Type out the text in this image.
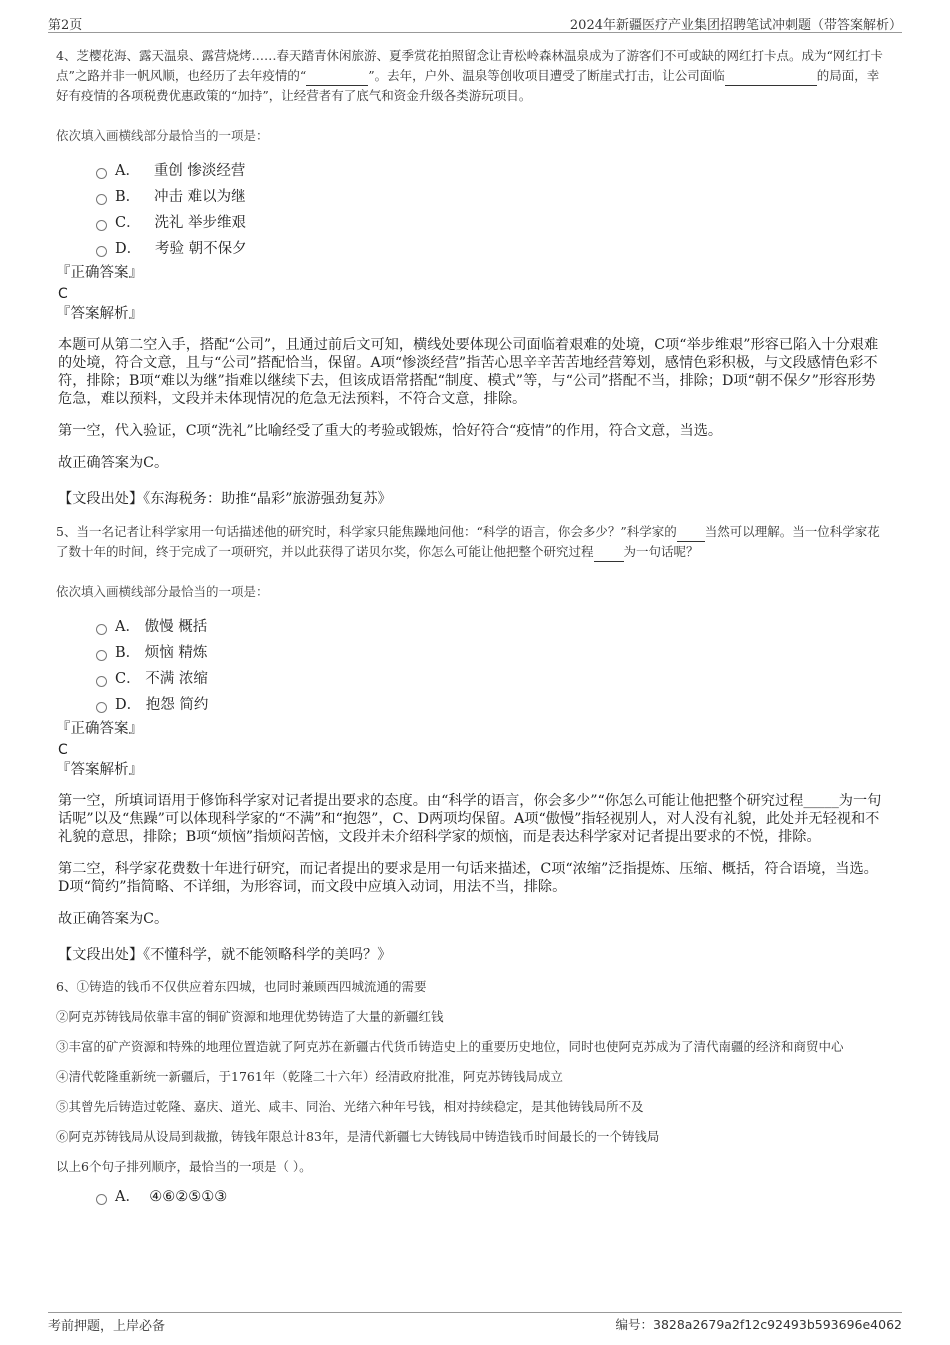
第2页	2024年新疆医疗产业集团招聘笔试冲刺题（带答案解析）
4、芝樱花海、露天温泉、露营烧烤……春天踏青休闲旅游、夏季赏花拍照留念让青松岭森林温泉成为了游客们不可或缺的网红打卡点。成为“网红打卡点”之路并非一帆风顺，也经历了去年疫情的“	”。去年，户外、温泉等创收项目遭受了断崖式打击，让公司面临	的局面，幸好有疫情的各项税费优惠政策的“加持”，让经营者有了底气和资金升级各类游玩项目。
依次填入画横线部分最恰当的一项是：
A．
重创 惨淡经营
B．
冲击 难以为继
C．
洗礼 举步维艰
D．
考验 朝不保夕
『正确答案』
C
『答案解析』
本题可从第二空入手，搭配“公司”，且通过前后文可知，横线处要体现公司面临着艰难的处境，C项“举步维艰”形容已陷入十分艰难的处境，符合文意，且与“公司”搭配恰当，保留。A项“惨淡经营”指苦心思辛辛苦苦地经营筹划，感情色彩积极，与文段感情色彩不符，排除；B项“难以为继”指难以继续下去，但该成语常搭配“制度、模式”等，与“公司”搭配不当，排除；D项“朝不保夕”形容形势危急，难以预料，文段并未体现情况的危急无法预料，不符合文意，排除。
第一空，代入验证，C项“洗礼”比喻经受了重大的考验或锻炼，恰好符合“疫情”的作用，符合文意，当选。
故正确答案为C。
【文段出处】《东海税务：助推“晶彩”旅游强劲复苏》
5、当一名记者让科学家用一句话描述他的研究时，科学家只能焦躁地问他：“科学的语言，你会多少？”科学家的 当然可以理解。当一位科学家花了数十年的时间，终于完成了一项研究，并以此获得了诺贝尔奖，你怎么可能让他把整个研究过程 为一句话呢？
依次填入画横线部分最恰当的一项是：
A．
傲慢 概括
B．
烦恼 精炼
C．
不满 浓缩
D．
抱怨 简约
『正确答案』
C
『答案解析』
第一空，所填词语用于修饰科学家对记者提出要求的态度。由“科学的语言，你会多少”“你怎么可能让他把整个研究过程_____为一句话呢”以及“焦躁”可以体现科学家的“不满”和“抱怨”，C、D两项均保留。A项“傲慢”指轻视别人，对人没有礼貌，此处并无轻视和不礼貌的意思，排除；B项“烦恼”指烦闷苦恼，文段并未介绍科学家的烦恼，而是表达科学家对记者提出要求的不悦，排除。
第二空，科学家花费数十年进行研究，而记者提出的要求是用一句话来描述，C项“浓缩”泛指提炼、压缩、概括，符合语境，当选。D项“简约”指简略、不详细，为形容词，而文段中应填入动词，用法不当，排除。
故正确答案为C。
【文段出处】《不懂科学，就不能领略科学的美吗？》
6、①铸造的钱币不仅供应着东四城，也同时兼顾西四城流通的需要
②阿克苏铸钱局依靠丰富的铜矿资源和地理优势铸造了大量的新疆红钱
③丰富的矿产资源和特殊的地理位置造就了阿克苏在新疆古代货币铸造史上的重要历史地位，同时也使阿克苏成为了清代南疆的经济和商贸中心
④清代乾隆重新统一新疆后，于1761年（乾隆二十六年）经清政府批准，阿克苏铸钱局成立
⑤其曾先后铸造过乾隆、嘉庆、道光、咸丰、同治、光绪六种年号钱，相对持续稳定，是其他铸钱局所不及
⑥阿克苏铸钱局从设局到裁撤，铸钱年限总计83年，是清代新疆七大铸钱局中铸造钱币时间最长的一个铸钱局
以上6个句子排列顺序，最恰当的一项是（ ）。
A．
④⑥②⑤①③
考前押题，上岸必备	编号：3828a2679a2f12c92493b593696e4062
